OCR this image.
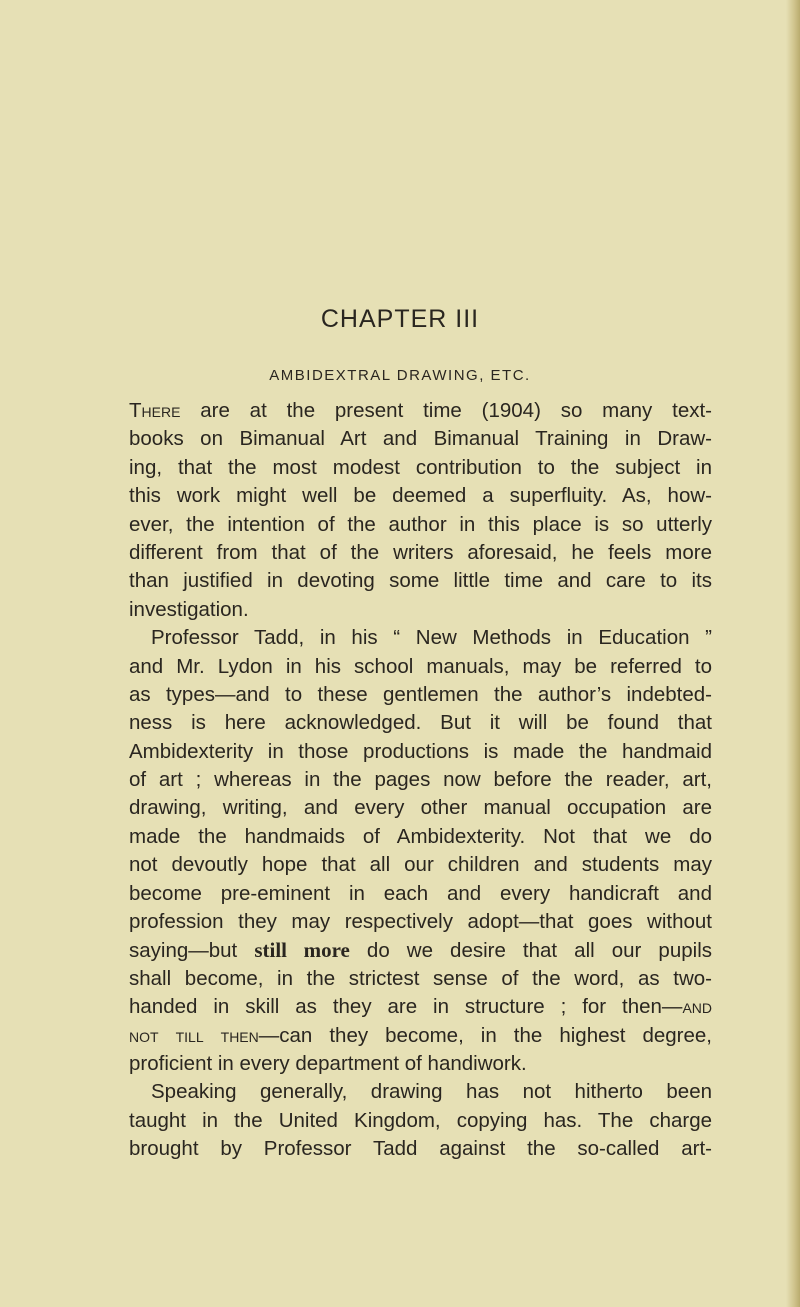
CHAPTER III
AMBIDEXTRAL DRAWING, ETC.
There are at the present time (1904) so many text-
books on Bimanual Art and Bimanual Training in Draw-
ing, that the most modest contribution to the subject in
this work might well be deemed a superfluity. As, how-
ever, the intention of the author in this place is so utterly
different from that of the writers aforesaid, he feels more
than justified in devoting some little time and care to its
investigation.
Professor Tadd, in his “ New Methods in Education ”
and Mr. Lydon in his school manuals, may be referred to
as types—and to these gentlemen the author’s indebted-
ness is here acknowledged. But it will be found that
Ambidexterity in those productions is made the handmaid
of art ; whereas in the pages now before the reader, art,
drawing, writing, and every other manual occupation are
made the handmaids of Ambidexterity. Not that we do
not devoutly hope that all our children and students may
become pre-eminent in each and every handicraft and
profession they may respectively adopt—that goes without
saying—but still more do we desire that all our pupils
shall become, in the strictest sense of the word, as two-
handed in skill as they are in structure ; for then—and
not till then—can they become, in the highest degree,
proficient in every department of handiwork.
Speaking generally, drawing has not hitherto been
taught in the United Kingdom, copying has. The charge
brought by Professor Tadd against the so-called art-
